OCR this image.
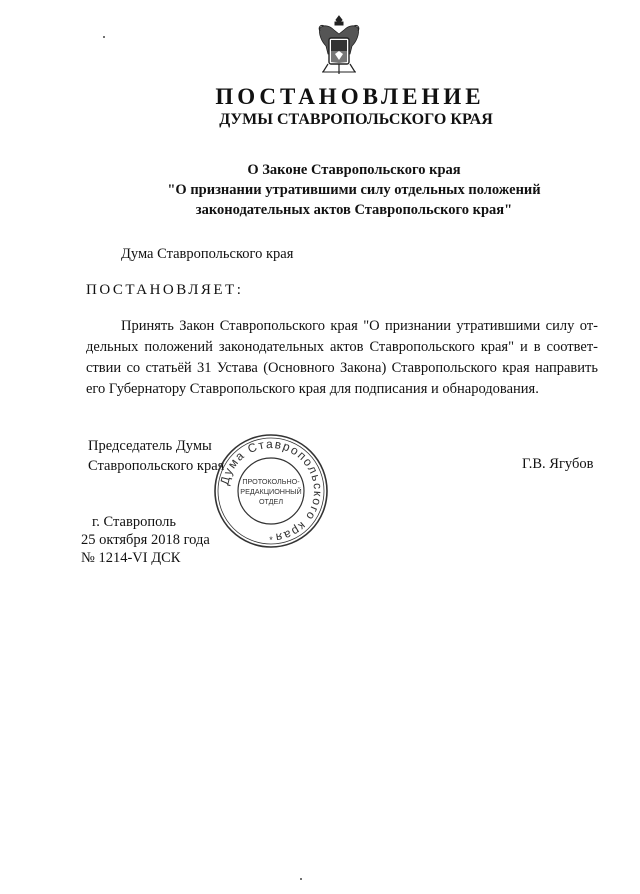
ПОСТАНОВЛЕНИЕ
ДУМЫ СТАВРОПОЛЬСКОГО КРАЯ
О Законе Ставропольского края
"О признании утратившими силу отдельных положений
законодательных актов Ставропольского края"
Дума Ставропольского края
ПОСТАНОВЛЯЕТ:
Принять Закон Ставропольского края "О признании утратившими силу от-
дельных положений законодательных актов Ставропольского края" и в соответ-
ствии со статьёй 31 Устава (Основного Закона) Ставропольского края направить
его Губернатору Ставропольского края для подписания и обнародования.
Председатель Думы
Ставропольского края
Дума Ставропольского края
ПРОТОКОЛЬНО-
РЕДАКЦИОННЫЙ
ОТДЕЛ
*
Г.В. Ягубов
г. Ставрополь
25 октября 2018 года
№ 1214-VI ДСК
